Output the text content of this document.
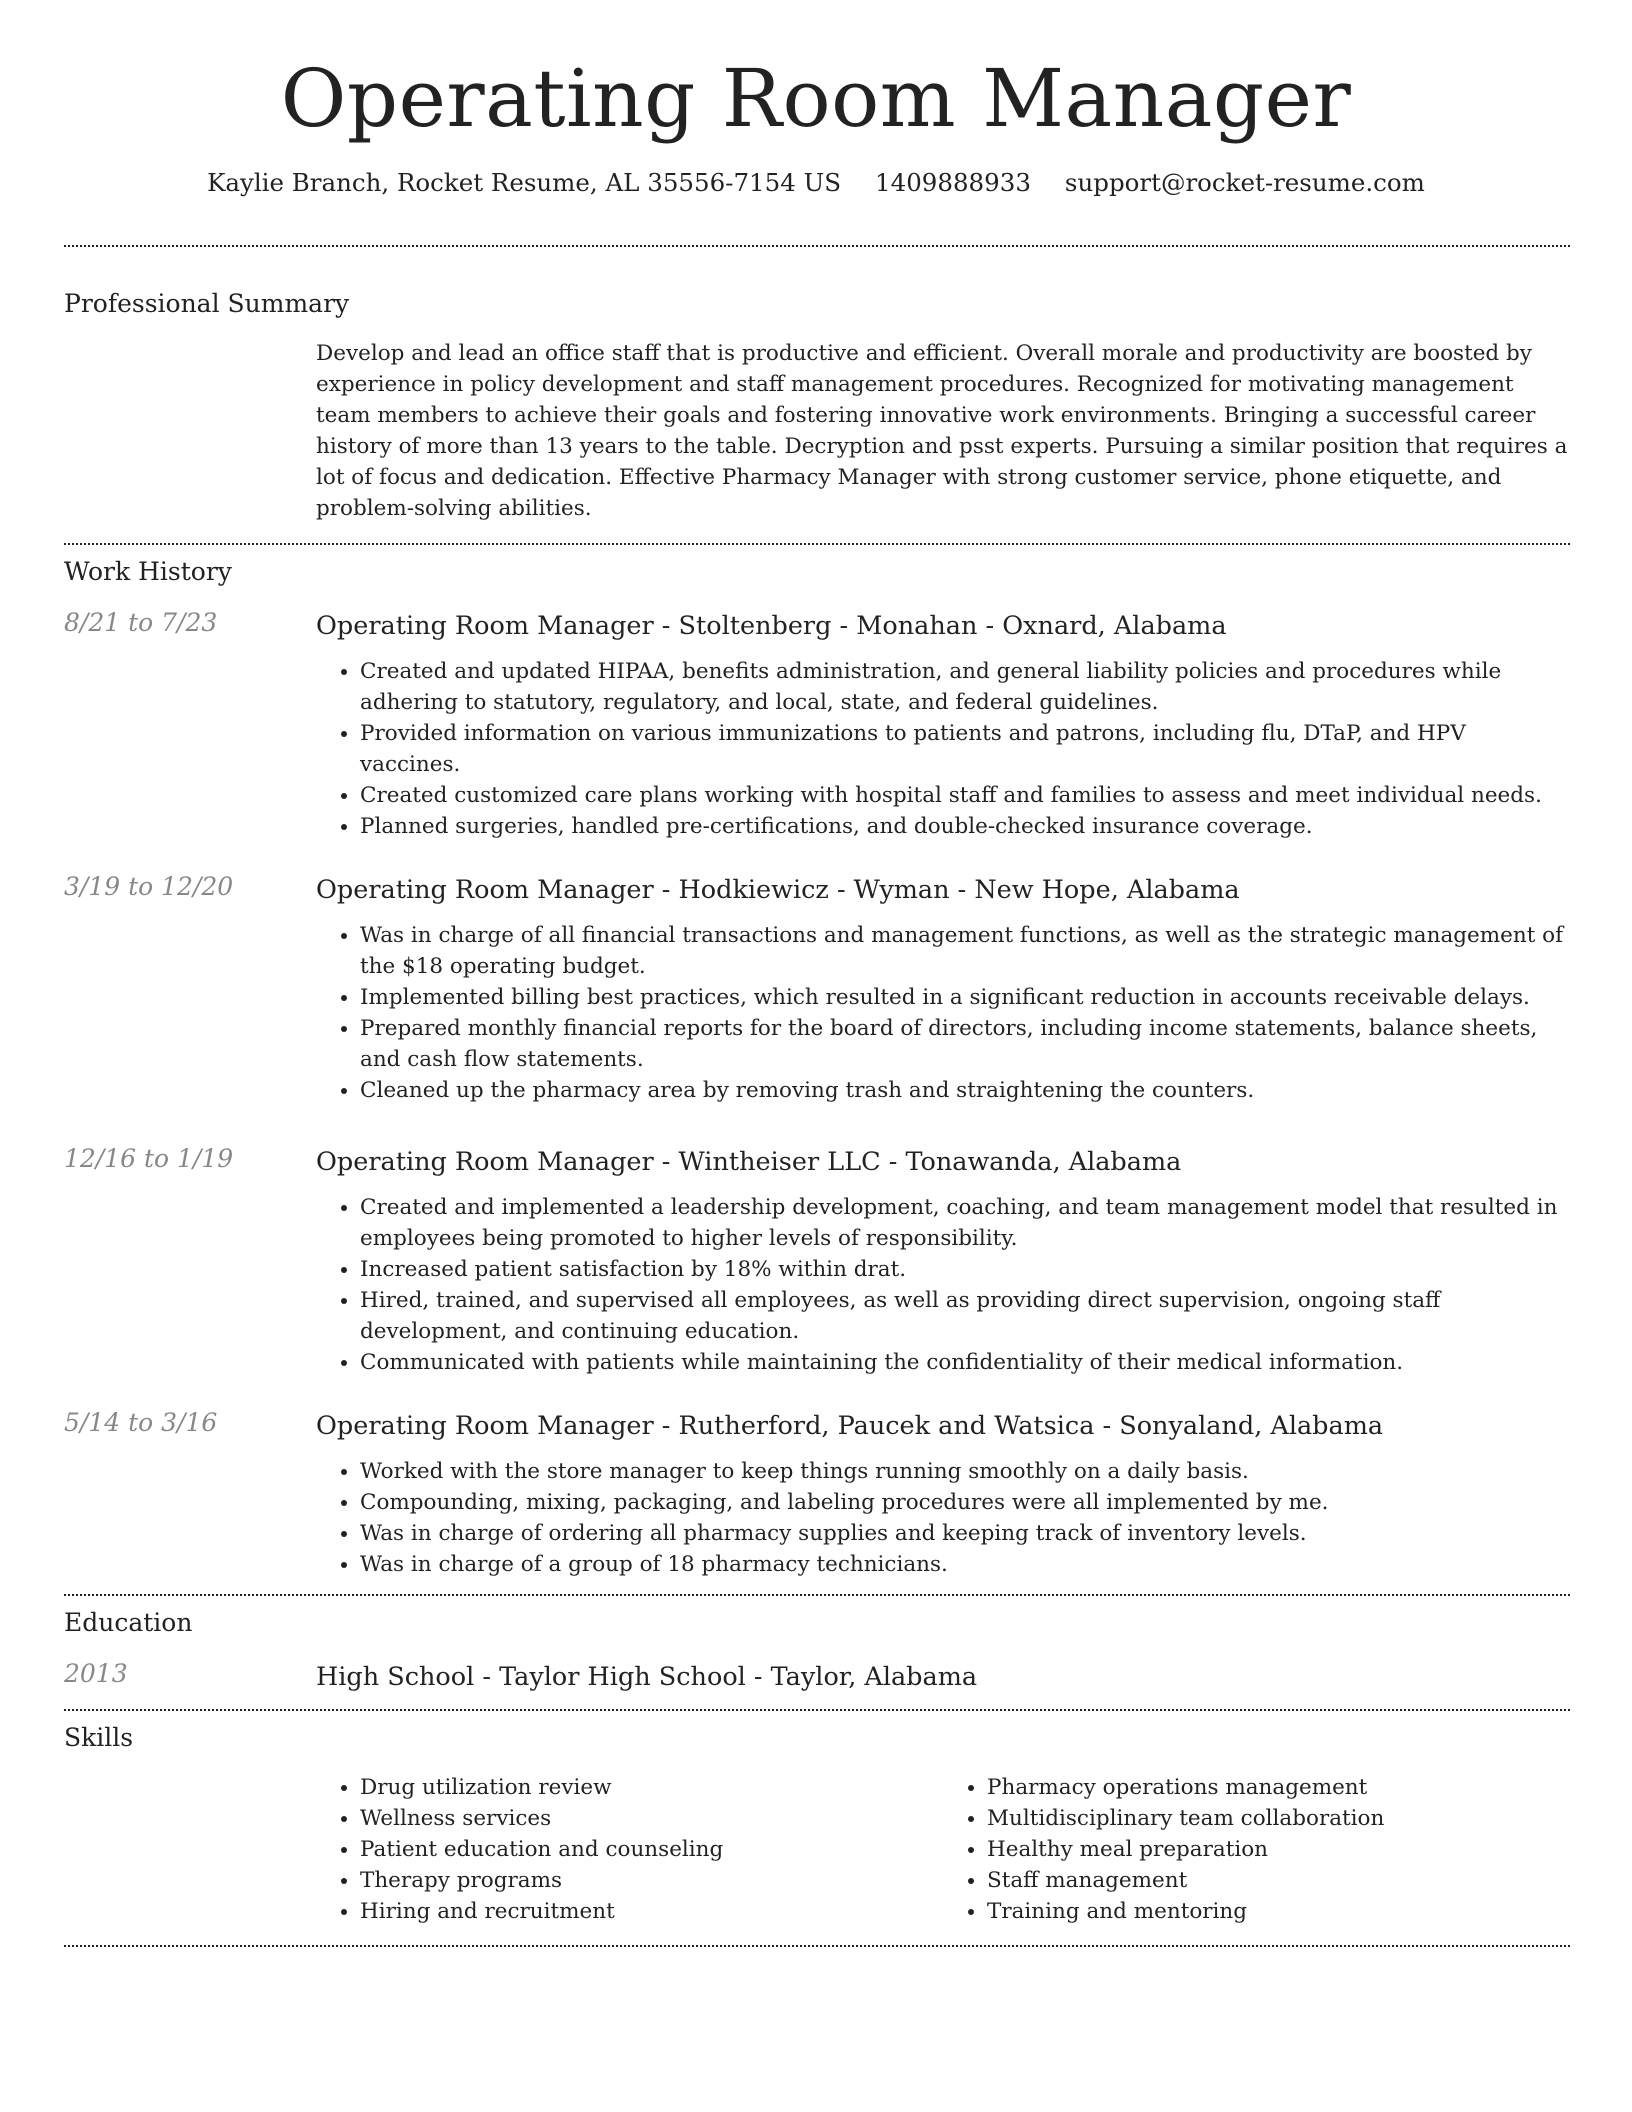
Operating Room Manager
Kaylie Branch, Rocket Resume, AL 35556-7154 US 1409888933 support@rocket-resume.com
Professional Summary

Develop and lead an office staff that is productive and efficient. Overall morale and productivity are boosted by experience in policy development and staff management procedures. Recognized for motivating management team members to achieve their goals and fostering innovative work environments. Bringing a successful career history of more than 13 years to the table. Decryption and psst experts. Pursuing a similar position that requires a lot of focus and dedication. Effective Pharmacy Manager with strong customer service, phone etiquette, and problem-solving abilities.

Work History
8/21 to 7/23	Operating Room Manager - Stoltenberg - Monahan - Oxnard, Alabama
• Created and updated HIPAA, benefits administration, and general liability policies and procedures while adhering to statutory, regulatory, and local, state, and federal guidelines.
• Provided information on various immunizations to patients and patrons, including flu, DTaP, and HPV vaccines.
• Created customized care plans working with hospital staff and families to assess and meet individual needs.
• Planned surgeries, handled pre-certifications, and double-checked insurance coverage.
3/19 to 12/20	Operating Room Manager - Hodkiewicz - Wyman - New Hope, Alabama
• Was in charge of all financial transactions and management functions, as well as the strategic management of the $18 operating budget.
• Implemented billing best practices, which resulted in a significant reduction in accounts receivable delays.
• Prepared monthly financial reports for the board of directors, including income statements, balance sheets, and cash flow statements.
• Cleaned up the pharmacy area by removing trash and straightening the counters.
12/16 to 1/19	Operating Room Manager - Wintheiser LLC - Tonawanda, Alabama
• Created and implemented a leadership development, coaching, and team management model that resulted in employees being promoted to higher levels of responsibility.
• Increased patient satisfaction by 18% within drat.
• Hired, trained, and supervised all employees, as well as providing direct supervision, ongoing staff development, and continuing education.
• Communicated with patients while maintaining the confidentiality of their medical information.
5/14 to 3/16	Operating Room Manager - Rutherford, Paucek and Watsica - Sonyaland, Alabama
• Worked with the store manager to keep things running smoothly on a daily basis.
• Compounding, mixing, packaging, and labeling procedures were all implemented by me.
• Was in charge of ordering all pharmacy supplies and keeping track of inventory levels.
• Was in charge of a group of 18 pharmacy technicians.
Education
2013	High School - Taylor High School - Taylor, Alabama
Skills
• Drug utilization review
• Wellness services
• Patient education and counseling
• Therapy programs
• Hiring and recruitment
• Pharmacy operations management
• Multidisciplinary team collaboration
• Healthy meal preparation
• Staff management
• Training and mentoring
